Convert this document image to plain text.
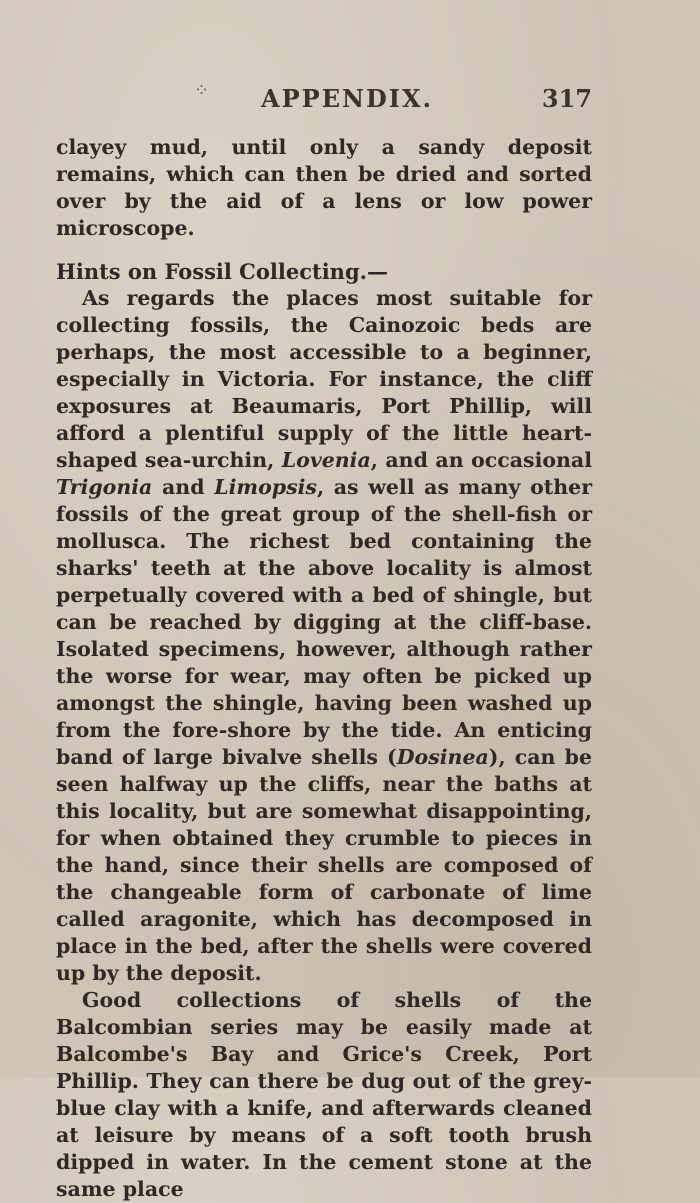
⁘ APPENDIX.	317

clayey mud, until only a sandy deposit remains, which can then be dried and sorted over by the aid of a lens or low power microscope.

Hints on Fossil Collecting.—

As regards the places most suitable for collecting fossils, the Cainozoic beds are perhaps, the most accessible to a beginner, especially in Victoria. For instance, the cliff exposures at Beaumaris, Port Phillip, will afford a plentiful supply of the little heart-shaped sea-urchin, Lovenia, and an occasional Trigonia and Limopsis, as well as many other fossils of the great group of the shell-fish or mollusca. The richest bed containing the sharks' teeth at the above locality is almost perpetually covered with a bed of shingle, but can be reached by digging at the cliff-base. Isolated specimens, however, although rather the worse for wear, may often be picked up amongst the shingle, having been washed up from the fore-shore by the tide. An enticing band of large bivalve shells (Dosinea), can be seen halfway up the cliffs, near the baths at this locality, but are somewhat disappointing, for when obtained they crumble to pieces in the hand, since their shells are composed of the changeable form of carbonate of lime called aragonite, which has decomposed in place in the bed, after the shells were covered up by the deposit.

Good collections of shells of the Balcombian series may be easily made at Balcombe's Bay and Grice's Creek, Port Phillip. They can there be dug out of the grey-blue clay with a knife, and afterwards cleaned at leisure by means of a soft tooth brush dipped in water. In the cement stone at the same place
